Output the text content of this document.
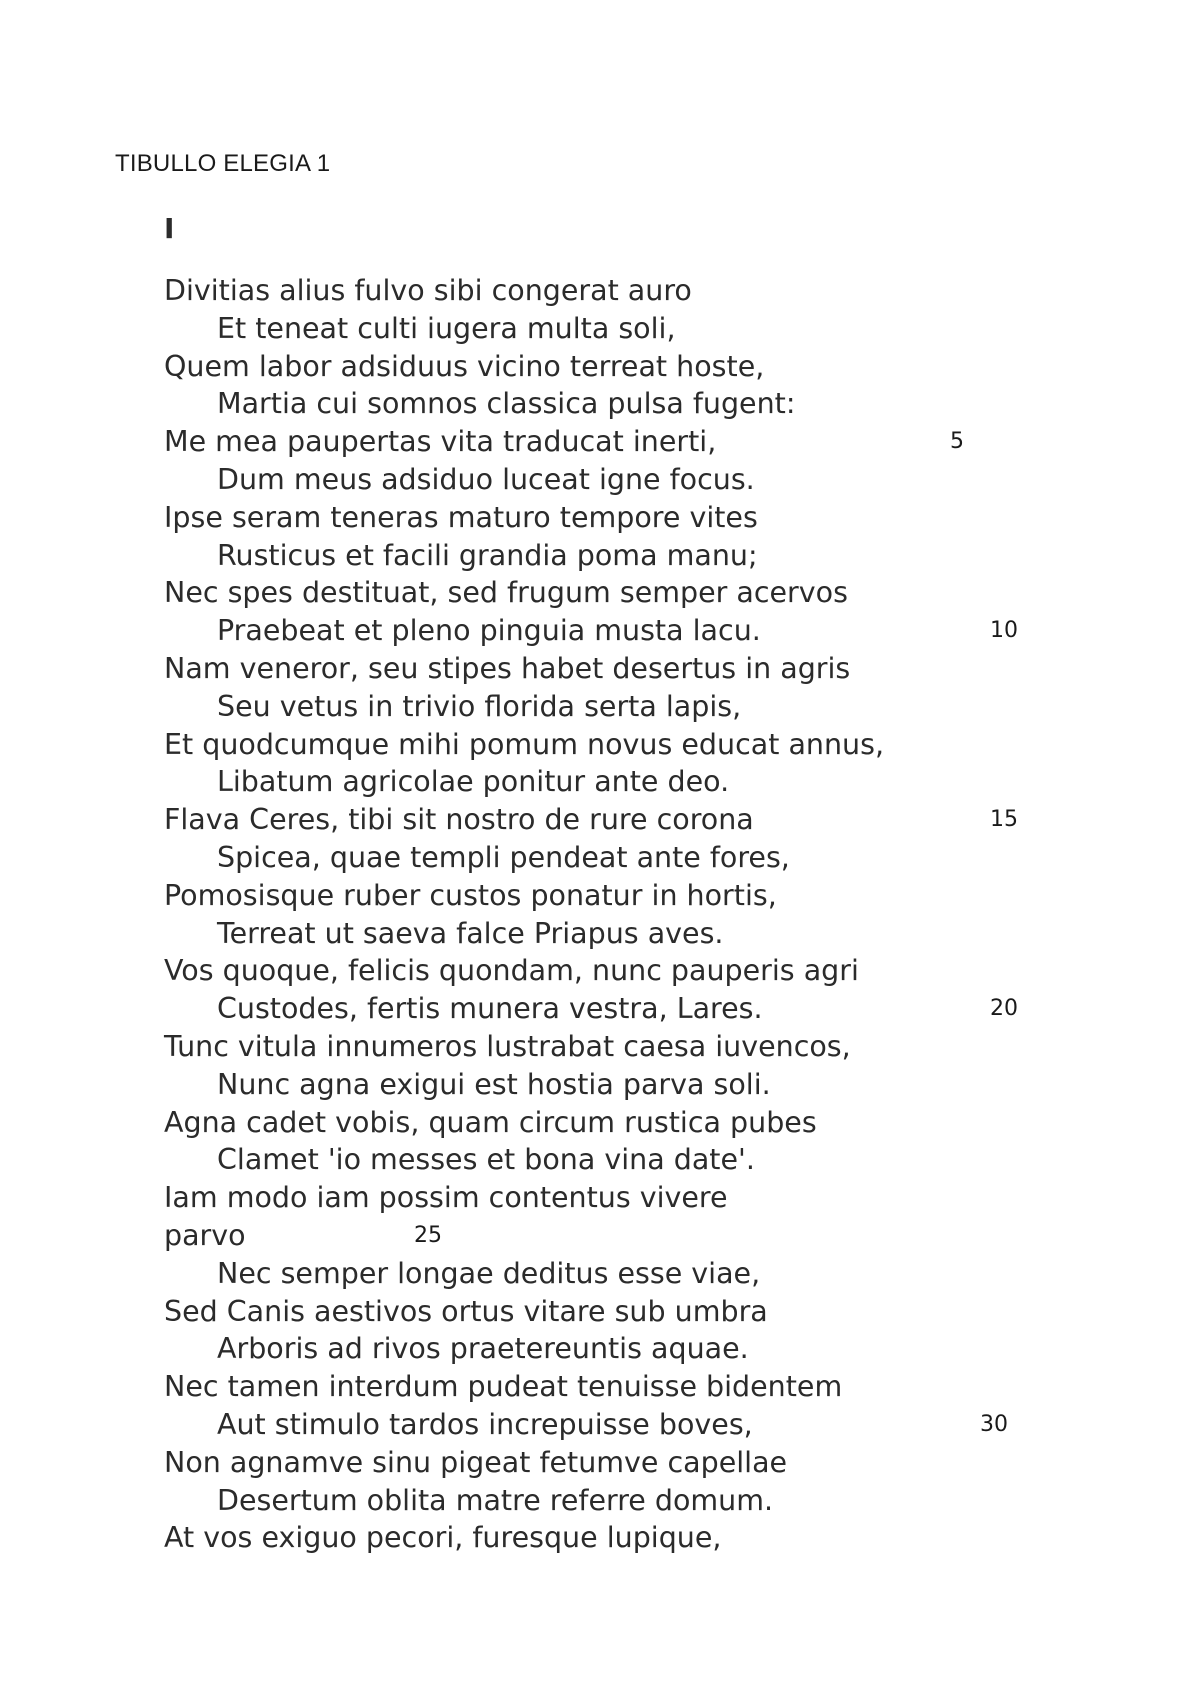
TIBULLO ELEGIA 1
I
Divitias alius fulvo sibi congerat auro
Et teneat culti iugera multa soli,
Quem labor adsiduus vicino terreat hoste,
Martia cui somnos classica pulsa fugent:
Me mea paupertas vita traducat inerti,	5
Dum meus adsiduo luceat igne focus.
Ipse seram teneras maturo tempore vites
Rusticus et facili grandia poma manu;
Nec spes destituat, sed frugum semper acervos
Praebeat et pleno pinguia musta lacu.	10
Nam veneror, seu stipes habet desertus in agris
Seu vetus in trivio florida serta lapis,
Et quodcumque mihi pomum novus educat annus,
Libatum agricolae ponitur ante deo.
Flava Ceres, tibi sit nostro de rure corona	15
Spicea, quae templi pendeat ante fores,
Pomosisque ruber custos ponatur in hortis,
Terreat ut saeva falce Priapus aves.
Vos quoque, felicis quondam, nunc pauperis agri
Custodes, fertis munera vestra, Lares.	20
Tunc vitula innumeros lustrabat caesa iuvencos,
Nunc agna exigui est hostia parva soli.
Agna cadet vobis, quam circum rustica pubes
Clamet 'io messes et bona vina date'.
Iam modo iam possim contentus vivere
parvo	25
Nec semper longae deditus esse viae,
Sed Canis aestivos ortus vitare sub umbra
Arboris ad rivos praetereuntis aquae.
Nec tamen interdum pudeat tenuisse bidentem
Aut stimulo tardos increpuisse boves,	30
Non agnamve sinu pigeat fetumve capellae
Desertum oblita matre referre domum.
At vos exiguo pecori, furesque lupique,
